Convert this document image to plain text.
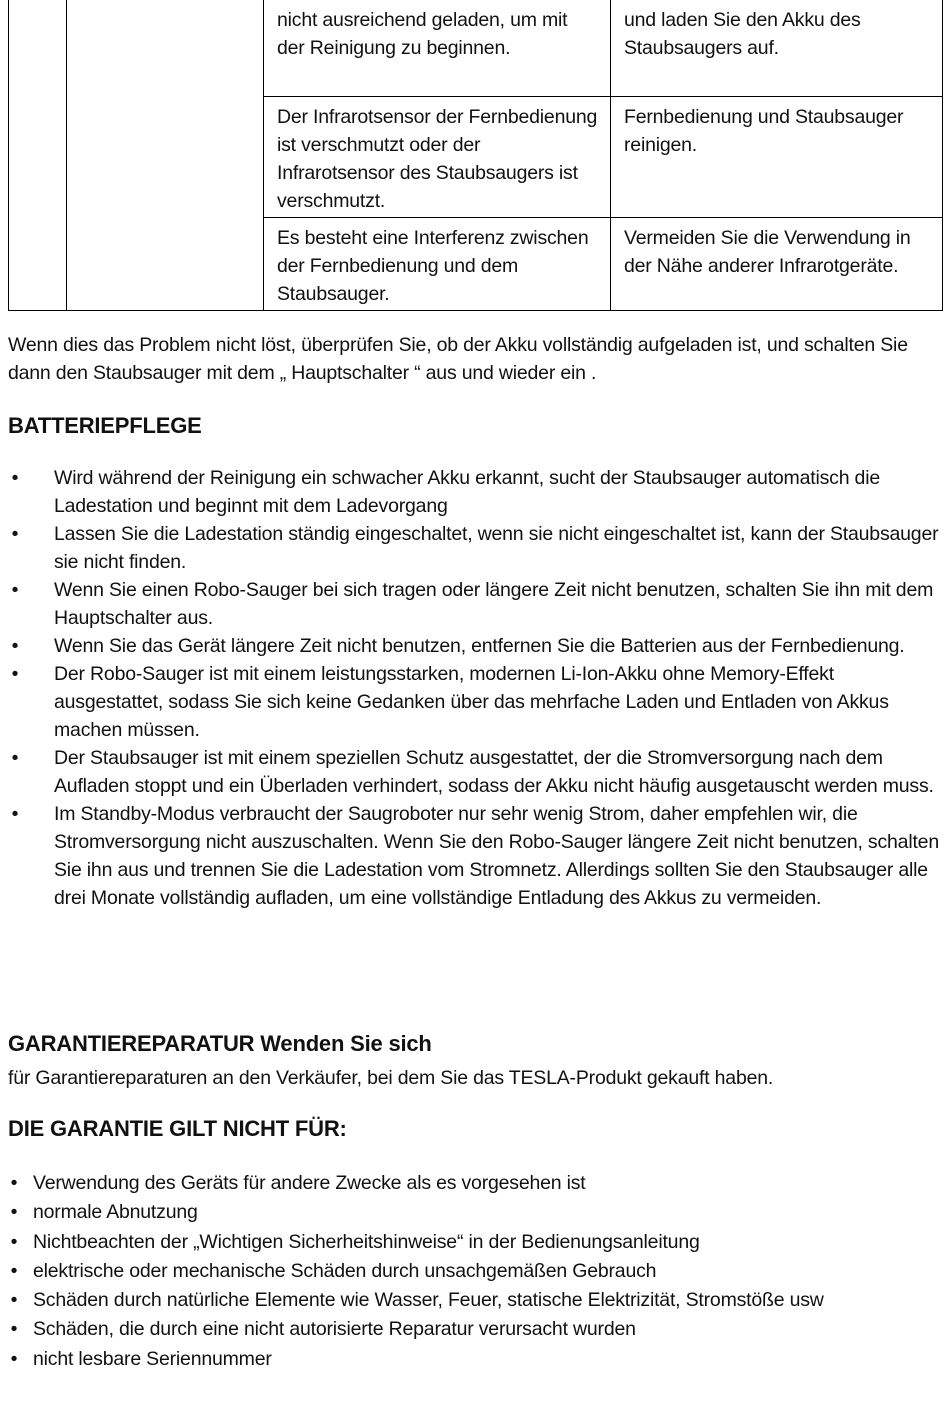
		nicht ausreichend geladen, um mit der Reinigung zu beginnen.	und laden Sie den Akku des Staubsaugers auf.
		Der Infrarotsensor der Fernbedienung ist verschmutzt oder der Infrarotsensor des Staubsaugers ist verschmutzt.	Fernbedienung und Staubsauger reinigen.
		Es besteht eine Interferenz zwischen der Fernbedienung und dem Staubsauger.	Vermeiden Sie die Verwendung in der Nähe anderer Infrarotgeräte.

Wenn dies das Problem nicht löst, überprüfen Sie, ob der Akku vollständig aufgeladen ist, und schalten Sie dann den Staubsauger mit dem „ Hauptschalter “ aus und wieder ein .

BATTERIEPFLEGE
• Wird während der Reinigung ein schwacher Akku erkannt, sucht der Staubsauger automatisch die Ladestation und beginnt mit dem Ladevorgang
• Lassen Sie die Ladestation ständig eingeschaltet, wenn sie nicht eingeschaltet ist, kann der Staubsauger sie nicht finden.
• Wenn Sie einen Robo-Sauger bei sich tragen oder längere Zeit nicht benutzen, schalten Sie ihn mit dem Hauptschalter aus.
• Wenn Sie das Gerät längere Zeit nicht benutzen, entfernen Sie die Batterien aus der Fernbedienung.
• Der Robo-Sauger ist mit einem leistungsstarken, modernen Li-Ion-Akku ohne Memory-Effekt ausgestattet, sodass Sie sich keine Gedanken über das mehrfache Laden und Entladen von Akkus machen müssen.
• Der Staubsauger ist mit einem speziellen Schutz ausgestattet, der die Stromversorgung nach dem Aufladen stoppt und ein Überladen verhindert, sodass der Akku nicht häufig ausgetauscht werden muss.
• Im Standby-Modus verbraucht der Saugroboter nur sehr wenig Strom, daher empfehlen wir, die Stromversorgung nicht auszuschalten. Wenn Sie den Robo-Sauger längere Zeit nicht benutzen, schalten Sie ihn aus und trennen Sie die Ladestation vom Stromnetz. Allerdings sollten Sie den Staubsauger alle drei Monate vollständig aufladen, um eine vollständige Entladung des Akkus zu vermeiden.
GARANTIEREPARATUR Wenden Sie sich

für Garantiereparaturen an den Verkäufer, bei dem Sie das TESLA-Produkt gekauft haben.

DIE GARANTIE GILT NICHT FÜR:
• Verwendung des Geräts für andere Zwecke als es vorgesehen ist
• normale Abnutzung
• Nichtbeachten der „Wichtigen Sicherheitshinweise“ in der Bedienungsanleitung
• elektrische oder mechanische Schäden durch unsachgemäßen Gebrauch
• Schäden durch natürliche Elemente wie Wasser, Feuer, statische Elektrizität, Stromstöße usw
• Schäden, die durch eine nicht autorisierte Reparatur verursacht wurden
• nicht lesbare Seriennummer
